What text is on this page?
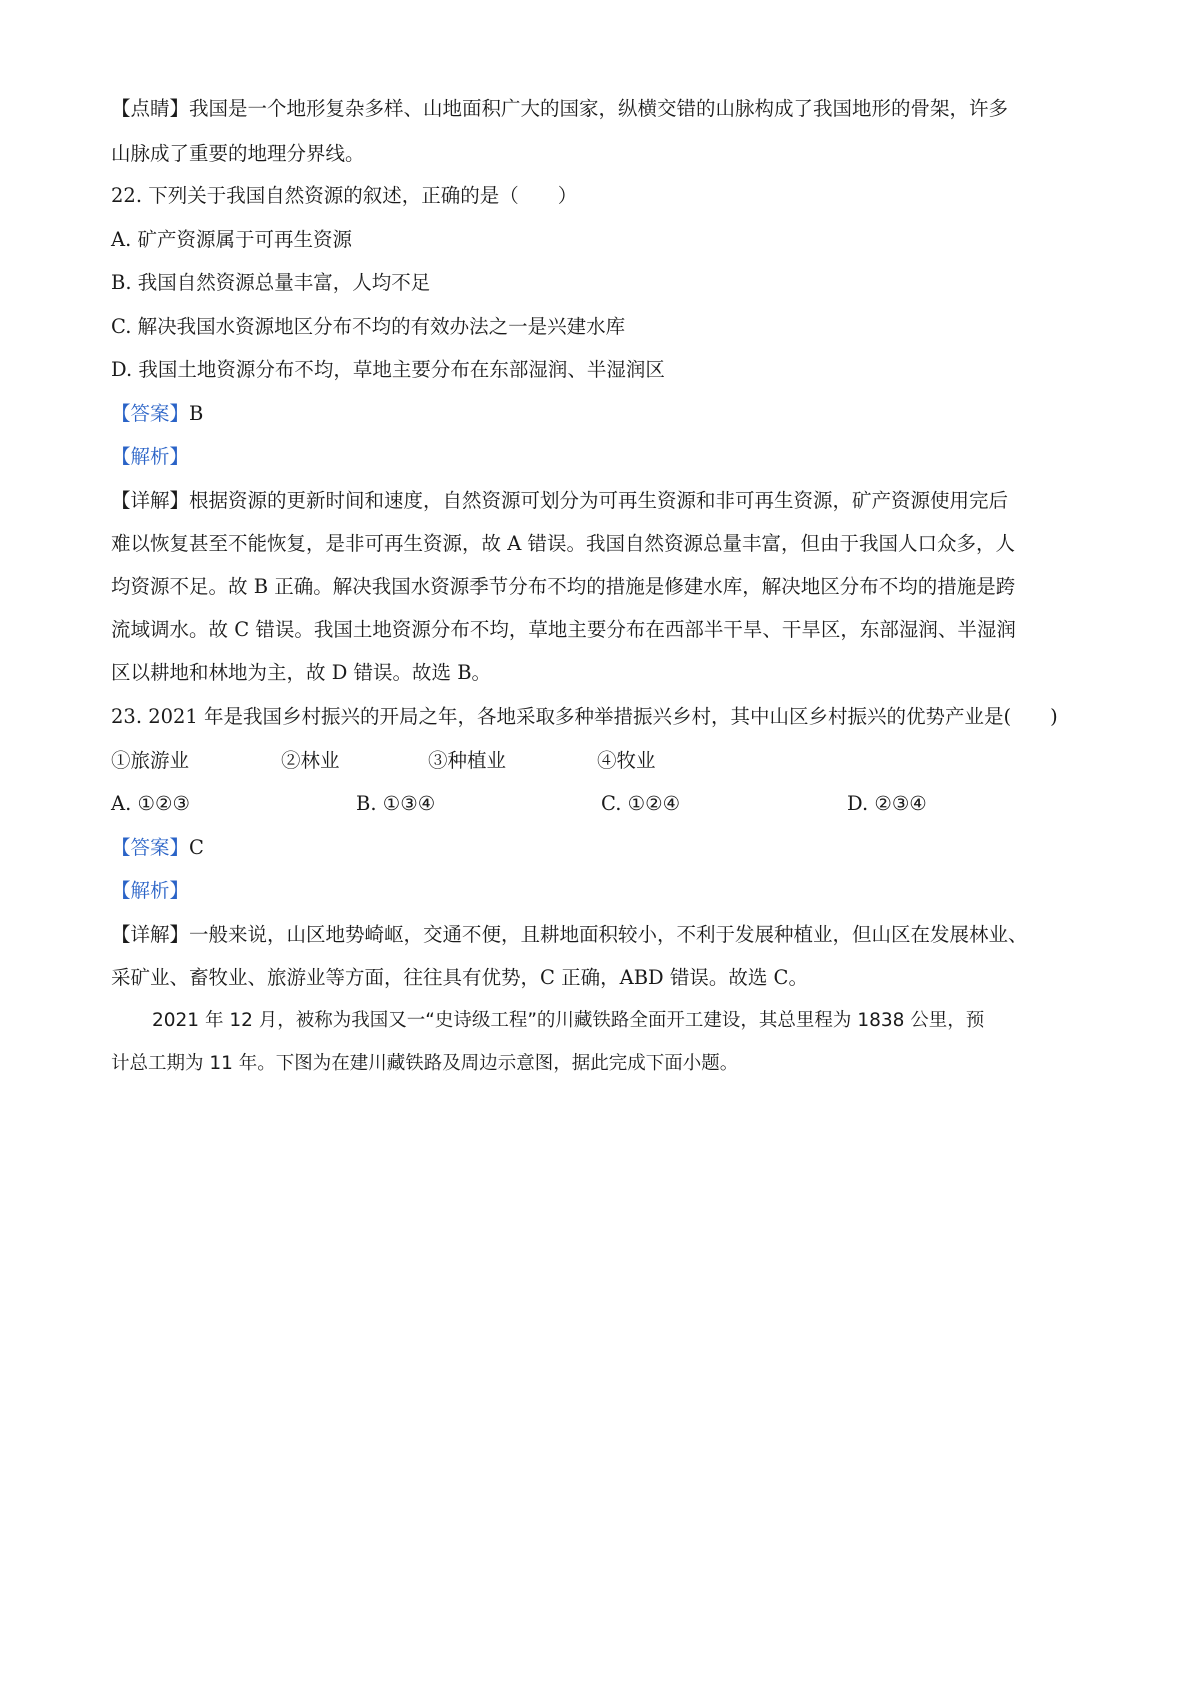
【点睛】我国是一个地形复杂多样、山地面积广大的国家，纵横交错的山脉构成了我国地形的骨架，许多
山脉成了重要的地理分界线。
22. 下列关于我国自然资源的叙述，正确的是（　　）
A. 矿产资源属于可再生资源
B. 我国自然资源总量丰富，人均不足
C. 解决我国水资源地区分布不均的有效办法之一是兴建水库
D. 我国土地资源分布不均，草地主要分布在东部湿润、半湿润区
【答案】B
【解析】
【详解】根据资源的更新时间和速度，自然资源可划分为可再生资源和非可再生资源，矿产资源使用完后
难以恢复甚至不能恢复，是非可再生资源，故 A 错误。我国自然资源总量丰富，但由于我国人口众多，人
均资源不足。故 B 正确。解决我国水资源季节分布不均的措施是修建水库，解决地区分布不均的措施是跨
流域调水。故 C 错误。我国土地资源分布不均，草地主要分布在西部半干旱、干旱区，东部湿润、半湿润
区以耕地和林地为主，故 D 错误。故选 B。
23. 2021 年是我国乡村振兴的开局之年，各地采取多种举措振兴乡村，其中山区乡村振兴的优势产业是(　　)
①旅游业	②林业	③种植业	④牧业
A. ①②③	B. ①③④	C. ①②④	D. ②③④
【答案】C
【解析】
【详解】一般来说，山区地势崎岖，交通不便，且耕地面积较小，不利于发展种植业，但山区在发展林业、
采矿业、畜牧业、旅游业等方面，往往具有优势，C 正确，ABD 错误。故选 C。
2021 年 12 月，被称为我国又一“史诗级工程”的川藏铁路全面开工建设，其总里程为 1838 公里，预
计总工期为 11 年。下图为在建川藏铁路及周边示意图，据此完成下面小题。
